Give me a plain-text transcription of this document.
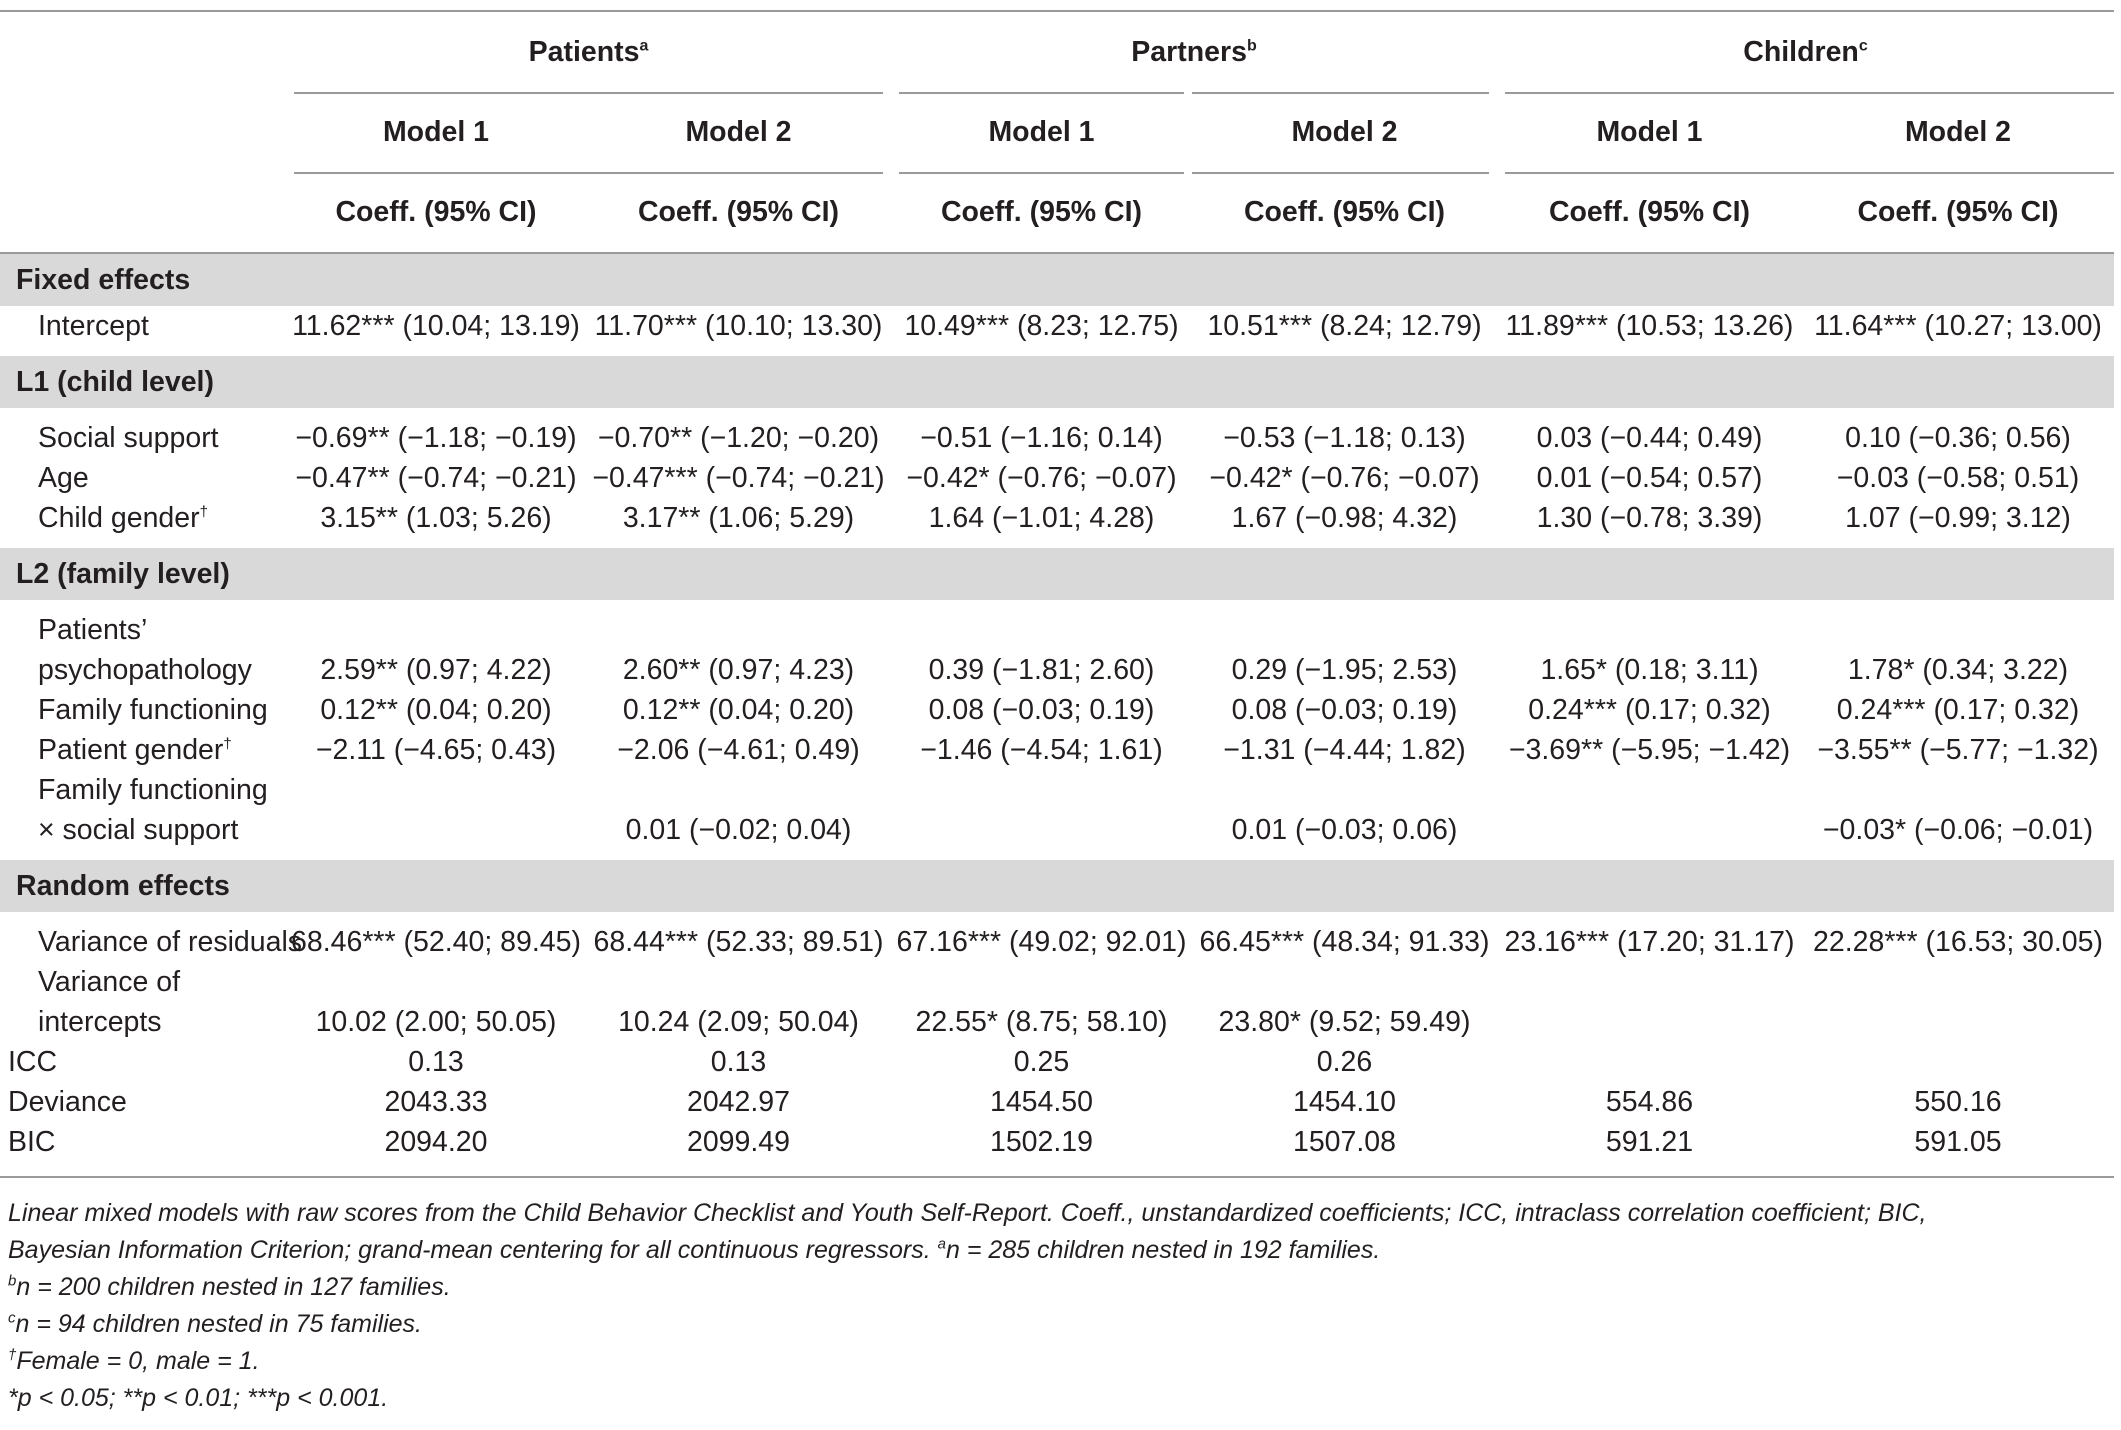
	Patients$^a$		Partners$^b$		Children$^c$
	Model 1	Model 2	Model 1	Model 2	Model 1	Model 2
	Coeff. (95% CI)	Coeff. (95% CI)	Coeff. (95% CI)	Coeff. (95% CI)	Coeff. (95% CI)	Coeff. (95% CI)
Fixed effects						
Intercept	11.62*** (10.04; 13.19)	11.70*** (10.10; 13.30)	10.49*** (8.23; 12.75)	10.51*** (8.24; 12.79)	11.89*** (10.53; 13.26)	11.64*** (10.27; 13.00)

L1 (child level)						

Social support	−0.69** (−1.18; −0.19)	−0.70** (−1.20; −0.20)	−0.51 (−1.16; 0.14)	−0.53 (−1.18; 0.13)	0.03 (−0.44; 0.49)	0.10 (−0.36; 0.56)
Age	−0.47** (−0.74; −0.21)	−0.47*** (−0.74; −0.21)	−0.42* (−0.76; −0.07)	−0.42* (−0.76; −0.07)	0.01 (−0.54; 0.57)	−0.03 (−0.58; 0.51)
Child gender†	3.15** (1.03; 5.26)	3.17** (1.06; 5.29)	1.64 (−1.01; 4.28)	1.67 (−0.98; 4.32)	1.30 (−0.78; 3.39)	1.07 (−0.99; 3.12)

L2 (family level)						

Patients’						
psychopathology	2.59** (0.97; 4.22)	2.60** (0.97; 4.23)	0.39 (−1.81; 2.60)	0.29 (−1.95; 2.53)	1.65* (0.18; 3.11)	1.78* (0.34; 3.22)
Family functioning	0.12** (0.04; 0.20)	0.12** (0.04; 0.20)	0.08 (−0.03; 0.19)	0.08 (−0.03; 0.19)	0.24*** (0.17; 0.32)	0.24*** (0.17; 0.32)
Patient gender†	−2.11 (−4.65; 0.43)	−2.06 (−4.61; 0.49)	−1.46 (−4.54; 1.61)	−1.31 (−4.44; 1.82)	−3.69** (−5.95; −1.42)	−3.55** (−5.77; −1.32)
Family functioning						
× social support		0.01 (−0.02; 0.04)		0.01 (−0.03; 0.06)		−0.03* (−0.06; −0.01)

Random effects						

Variance of residuals	68.46*** (52.40; 89.45)	68.44*** (52.33; 89.51)	67.16*** (49.02; 92.01)	66.45*** (48.34; 91.33)	23.16*** (17.20; 31.17)	22.28*** (16.53; 30.05)
Variance of						
intercepts	10.02 (2.00; 50.05)	10.24 (2.09; 50.04)	22.55* (8.75; 58.10)	23.80* (9.52; 59.49)		
ICC	0.13	0.13	0.25	0.26		
Deviance	2043.33	2042.97	1454.50	1454.10	554.86	550.16
BIC	2094.20	2099.49	1502.19	1507.08	591.21	591.05

Linear mixed models with raw scores from the Child Behavior Checklist and Youth Self-Report. Coeff., unstandardized coefficients; ICC, intraclass correlation coefficient; BIC,

Bayesian Information Criterion; grand-mean centering for all continuous regressors. $^a$n = 285 children nested in 192 families.

$^b$n = 200 children nested in 127 families.

$^c$n = 94 children nested in 75 families.

†Female = 0, male = 1.

*p < 0.05; **p < 0.01; ***p < 0.001.
